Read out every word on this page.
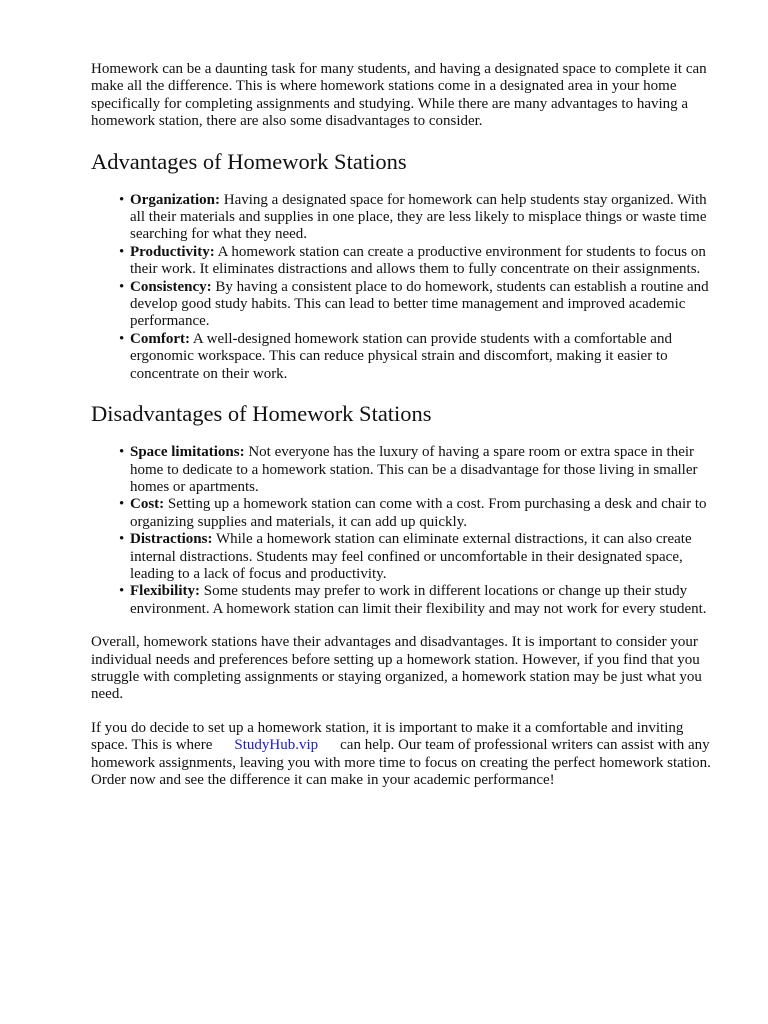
Homework can be a daunting task for many students, and having a designated space to complete it can make all the difference. This is where homework stations come in a designated area in your home specifically for completing assignments and studying. While there are many advantages to having a homework station, there are also some disadvantages to consider.

Advantages of Homework Stations
• Organization: Having a designated space for homework can help students stay organized. With all their materials and supplies in one place, they are less likely to misplace things or waste time searching for what they need.
• Productivity: A homework station can create a productive environment for students to focus on their work. It eliminates distractions and allows them to fully concentrate on their assignments.
• Consistency: By having a consistent place to do homework, students can establish a routine and develop good study habits. This can lead to better time management and improved academic performance.
• Comfort: A well-designed homework station can provide students with a comfortable and ergonomic workspace. This can reduce physical strain and discomfort, making it easier to concentrate on their work.
Disadvantages of Homework Stations
• Space limitations: Not everyone has the luxury of having a spare room or extra space in their home to dedicate to a homework station. This can be a disadvantage for those living in smaller homes or apartments.
• Cost: Setting up a homework station can come with a cost. From purchasing a desk and chair to organizing supplies and materials, it can add up quickly.
• Distractions: While a homework station can eliminate external distractions, it can also create internal distractions. Students may feel confined or uncomfortable in their designated space, leading to a lack of focus and productivity.
• Flexibility: Some students may prefer to work in different locations or change up their study environment. A homework station can limit their flexibility and may not work for every student.

Overall, homework stations have their advantages and disadvantages. It is important to consider your individual needs and preferences before setting up a homework station. However, if you find that you struggle with completing assignments or staying organized, a homework station may be just what you need.

If you do decide to set up a homework station, it is important to make it a comfortable and inviting space. This is where StudyHub.vip can help. Our team of professional writers can assist with any homework assignments, leaving you with more time to focus on creating the perfect homework station. Order now and see the difference it can make in your academic performance!
